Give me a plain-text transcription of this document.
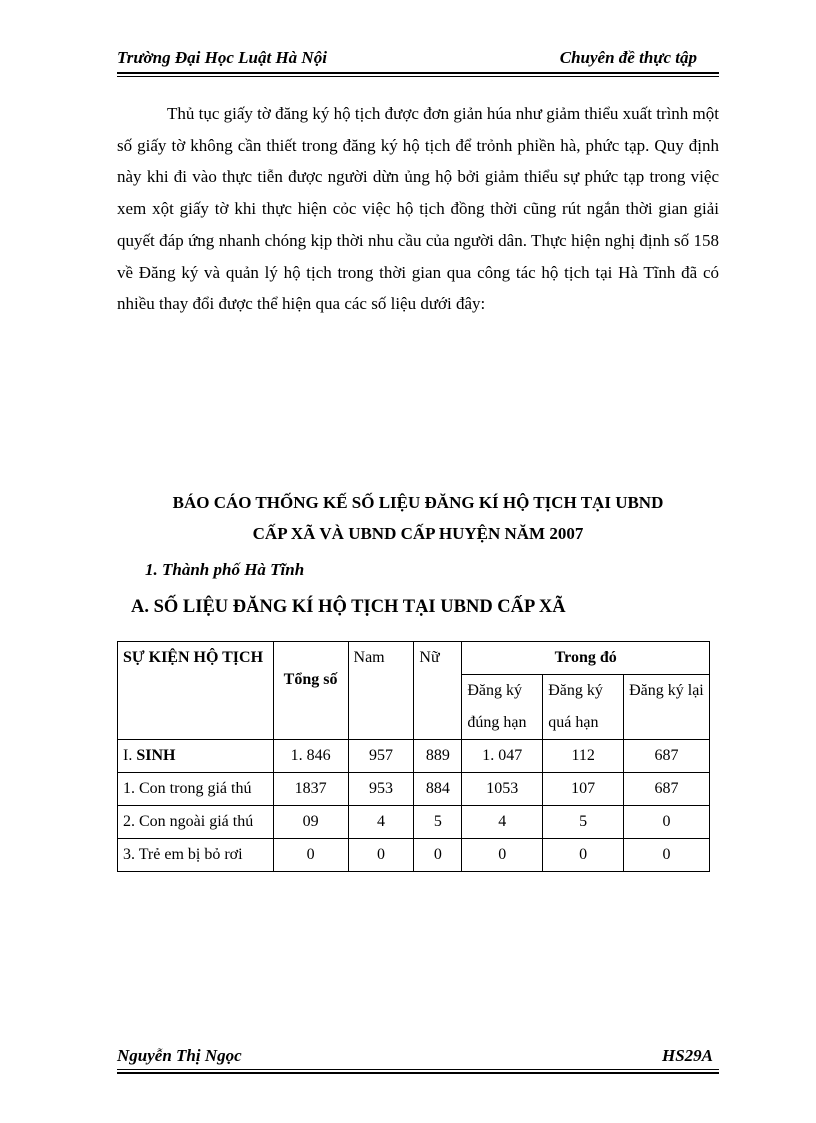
Trường Đại Học Luật Hà Nội	Chuyên đề thực tập

Thủ tục giấy tờ đăng ký hộ tịch được đơn giản húa như giảm thiểu xuất trình một số giấy tờ không cần thiết trong đăng ký hộ tịch để trỏnh phiền hà, phức tạp. Quy định này khi đi vào thực tiễn được người dừn ủng hộ bởi giảm thiểu sự phức tạp trong việc xem xột giấy tờ khi thực hiện cỏc việc hộ tịch đồng thời cũng rút ngắn thời gian giải quyết đáp ứng nhanh chóng kịp thời nhu cầu của người dân. Thực hiện nghị định số 158 về Đăng ký và quản lý hộ tịch trong thời gian qua công tác hộ tịch tại Hà Tĩnh đã có nhiều thay đổi được thể hiện qua các số liệu dưới đây:

BÁO CÁO THỐNG KẾ SỐ LIỆU ĐĂNG KÍ HỘ TỊCH TẠI UBND
CẤP XÃ VÀ UBND CẤP HUYỆN NĂM 2007
1. Thành phố Hà Tĩnh
A. SỐ LIỆU ĐĂNG KÍ HỘ TỊCH TẠI UBND CẤP XÃ
SỰ KIỆN HỘ TỊCH	Tổng số	Nam	Nữ	Trong đó		
				Đăng ký đúng hạn	Đăng ký quá hạn	Đăng ký lại
I. SINH	1. 846	957	889	1. 047	112	687
1. Con trong giá thú	1837	953	884	1053	107	687
2. Con ngoài giá thú	09	4	5	4	5	0
3. Trẻ em bị bỏ rơi	0	0	0	0	0	0
Nguyễn Thị Ngọc	HS29A
